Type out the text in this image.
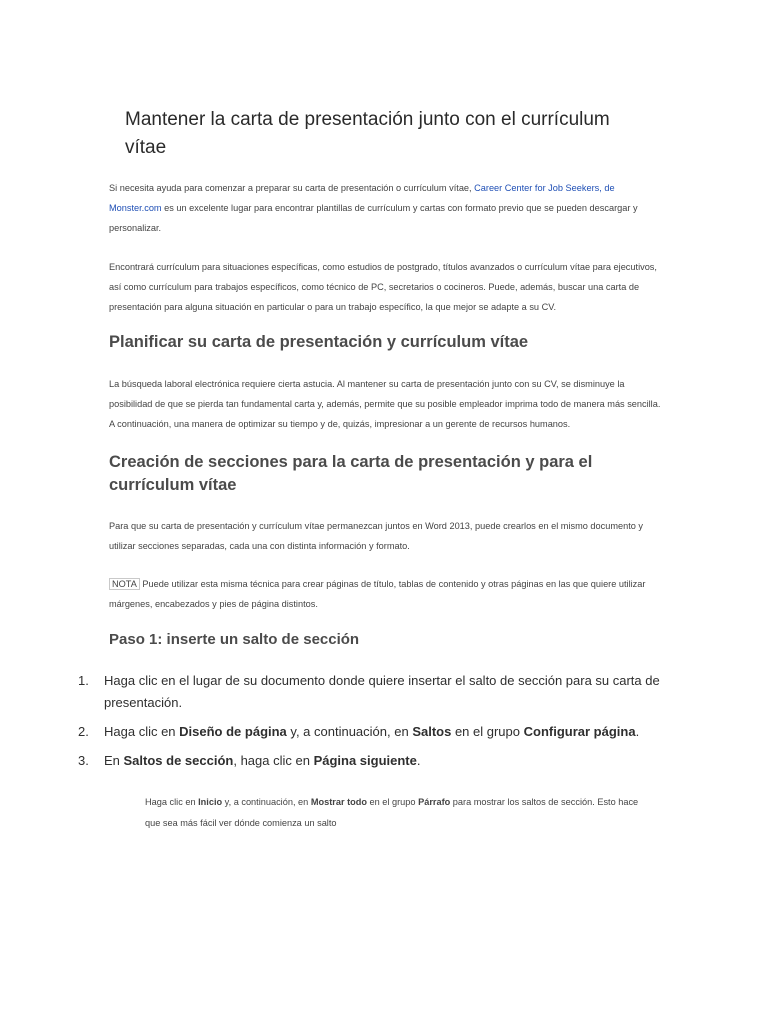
Mantener la carta de presentación junto con el currículum vítae

Si necesita ayuda para comenzar a preparar su carta de presentación o currículum vítae, Career Center for Job Seekers, de Monster.com es un excelente lugar para encontrar plantillas de currículum y cartas con formato previo que se pueden descargar y personalizar.

Encontrará currículum para situaciones específicas, como estudios de postgrado, títulos avanzados o currículum vítae para ejecutivos, así como currículum para trabajos específicos, como técnico de PC, secretarios o cocineros. Puede, además, buscar una carta de presentación para alguna situación en particular o para un trabajo específico, la que mejor se adapte a su CV.

Planificar su carta de presentación y currículum vítae

La búsqueda laboral electrónica requiere cierta astucia. Al mantener su carta de presentación junto con su CV, se disminuye la posibilidad de que se pierda tan fundamental carta y, además, permite que su posible empleador imprima todo de manera más sencilla. A continuación, una manera de optimizar su tiempo y de, quizás, impresionar a un gerente de recursos humanos.

Creación de secciones para la carta de presentación y para el currículum vítae

Para que su carta de presentación y currículum vítae permanezcan juntos en Word 2013, puede crearlos en el mismo documento y utilizar secciones separadas, cada una con distinta información y formato.

NOTA Puede utilizar esta misma técnica para crear páginas de título, tablas de contenido y otras páginas en las que quiere utilizar márgenes, encabezados y pies de página distintos.

Paso 1: inserte un salto de sección
1. Haga clic en el lugar de su documento donde quiere insertar el salto de sección para su carta de presentación.
2. Haga clic en Diseño de página y, a continuación, en Saltos en el grupo Configurar página.
3. En Saltos de sección, haga clic en Página siguiente.

Haga clic en Inicio y, a continuación, en Mostrar todo en el grupo Párrafo para mostrar los saltos de sección. Esto hace que sea más fácil ver dónde comienza un salto
